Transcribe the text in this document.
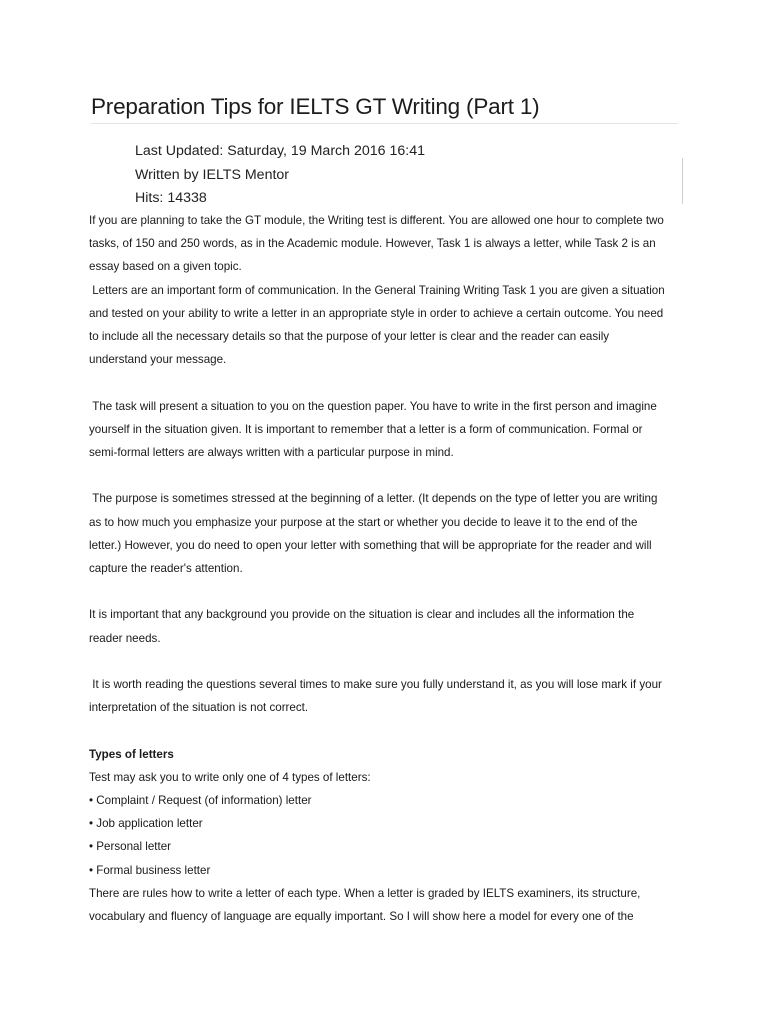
Preparation Tips for IELTS GT Writing (Part 1)
Last Updated: Saturday, 19 March 2016 16:41
Written by IELTS Mentor
Hits: 14338

If you are planning to take the GT module, the Writing test is different. You are allowed one hour to complete two tasks, of 150 and 250 words, as in the Academic module. However, Task 1 is always a letter, while Task 2 is an essay based on a given topic.

Letters are an important form of communication. In the General Training Writing Task 1 you are given a situation and tested on your ability to write a letter in an appropriate style in order to achieve a certain outcome. You need to include all the necessary details so that the purpose of your letter is clear and the reader can easily understand your message.

The task will present a situation to you on the question paper. You have to write in the first person and imagine yourself in the situation given. It is important to remember that a letter is a form of communication. Formal or semi-formal letters are always written with a particular purpose in mind.

The purpose is sometimes stressed at the beginning of a letter. (It depends on the type of letter you are writing as to how much you emphasize your purpose at the start or whether you decide to leave it to the end of the letter.) However, you do need to open your letter with something that will be appropriate for the reader and will capture the reader's attention.

It is important that any background you provide on the situation is clear and includes all the information the reader needs.

It is worth reading the questions several times to make sure you fully understand it, as you will lose mark if your interpretation of the situation is not correct.

Types of letters

Test may ask you to write only one of 4 types of letters:

• Complaint / Request (of information) letter
• Job application letter
• Personal letter
• Formal business letter

There are rules how to write a letter of each type. When a letter is graded by IELTS examiners, its structure, vocabulary and fluency of language are equally important. So I will show here a model for every one of the
